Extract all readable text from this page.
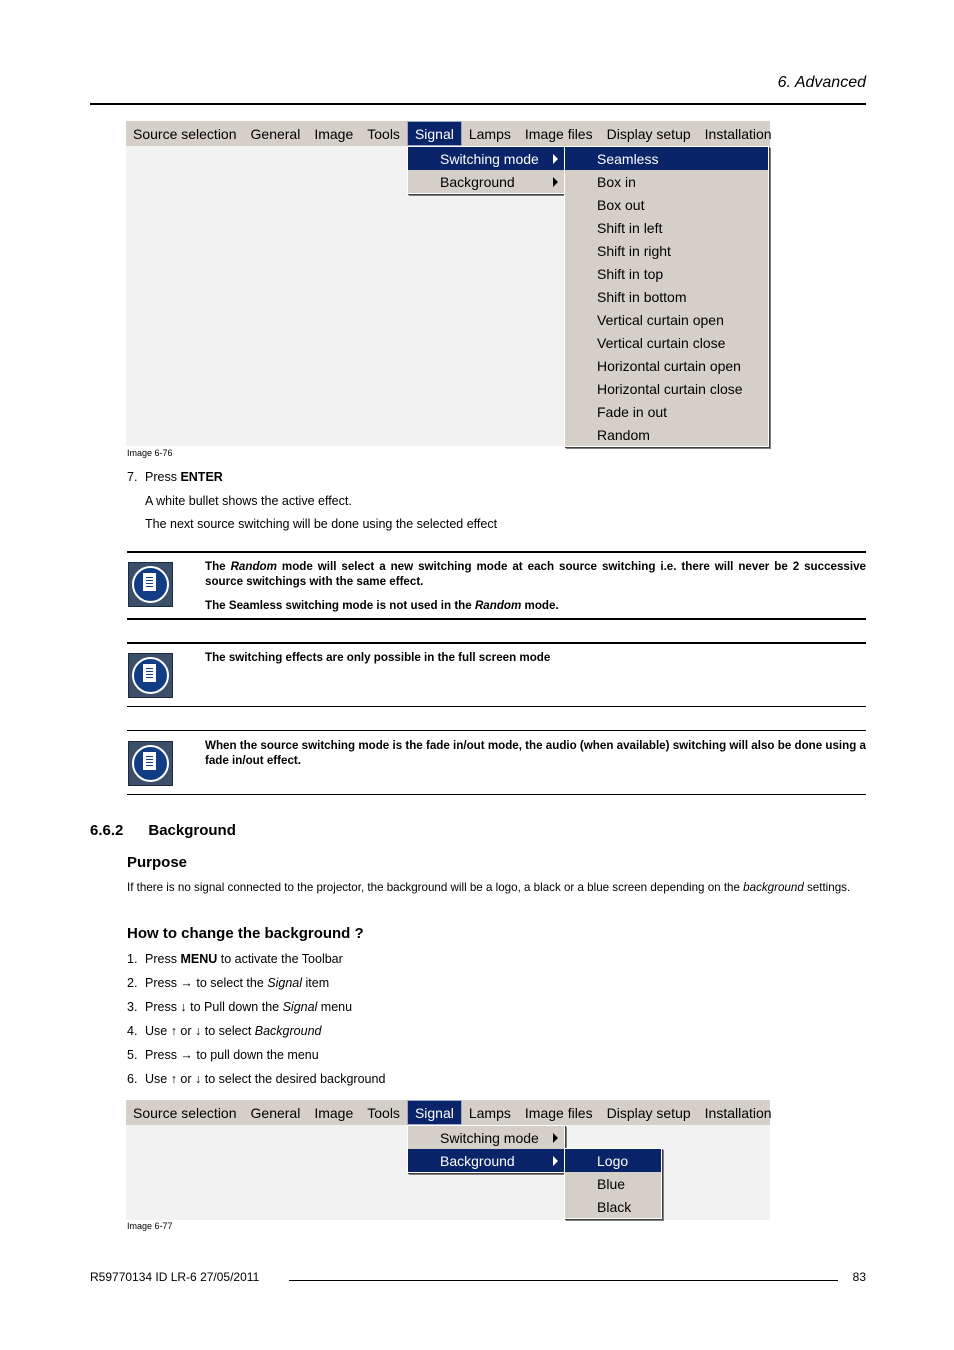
6. Advanced
Source selection	General	Image	Tools	Signal	Lamps	Image files	Display setup	Installation
Switching mode
Background
Seamless
Box in
Box out
Shift in left
Shift in right
Shift in top
Shift in bottom
Vertical curtain open
Vertical curtain close
Horizontal curtain open
Horizontal curtain close
Fade in out
Random
Image 6-76
7. Press ENTER
A white bullet shows the active effect.
The next source switching will be done using the selected effect

The Random mode will select a new switching mode at each source switching i.e. there will never be 2 successive source switchings with the same effect.

The Seamless switching mode is not used in the Random mode.

The switching effects are only possible in the full screen mode
When the source switching mode is the fade in/out mode, the audio (when available) switching will also be done using a fade in/out effect.
6.6.2 Background
Purpose
If there is no signal connected to the projector, the background will be a logo, a black or a blue screen depending on the background settings.
How to change the background ?
1. Press MENU to activate the Toolbar
2. Press → to select the Signal item
3. Press ↓ to Pull down the Signal menu
4. Use ↑ or ↓ to select Background
5. Press → to pull down the menu
6. Use ↑ or ↓ to select the desired background
Source selection	General	Image	Tools	Signal	Lamps	Image files	Display setup	Installation
Switching mode
Background	Logo
Blue
Black
Image 6-77
R59770134 ID LR-6 27/05/2011	83
